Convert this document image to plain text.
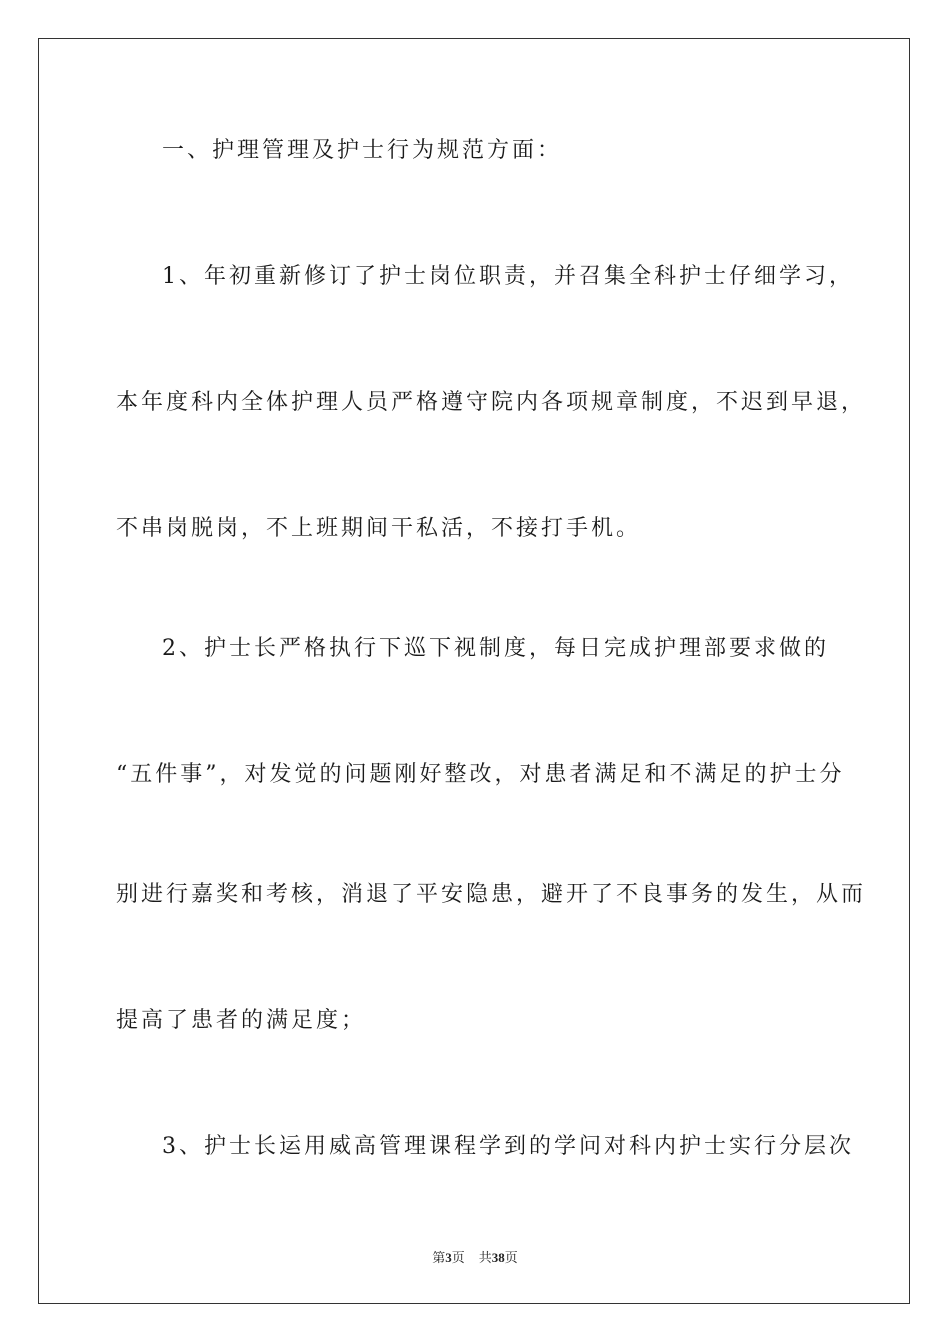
一、护理管理及护士行为规范方面：
1、年初重新修订了护士岗位职责，并召集全科护士仔细学习，
本年度科内全体护理人员严格遵守院内各项规章制度，不迟到早退，
不串岗脱岗，不上班期间干私活，不接打手机。
2、护士长严格执行下巡下视制度，每日完成护理部要求做的
“五件事”，对发觉的问题刚好整改，对患者满足和不满足的护士分
别进行嘉奖和考核，消退了平安隐患，避开了不良事务的发生，从而
提高了患者的满足度；
3、护士长运用威高管理课程学到的学问对科内护士实行分层次
第3页 共38页
